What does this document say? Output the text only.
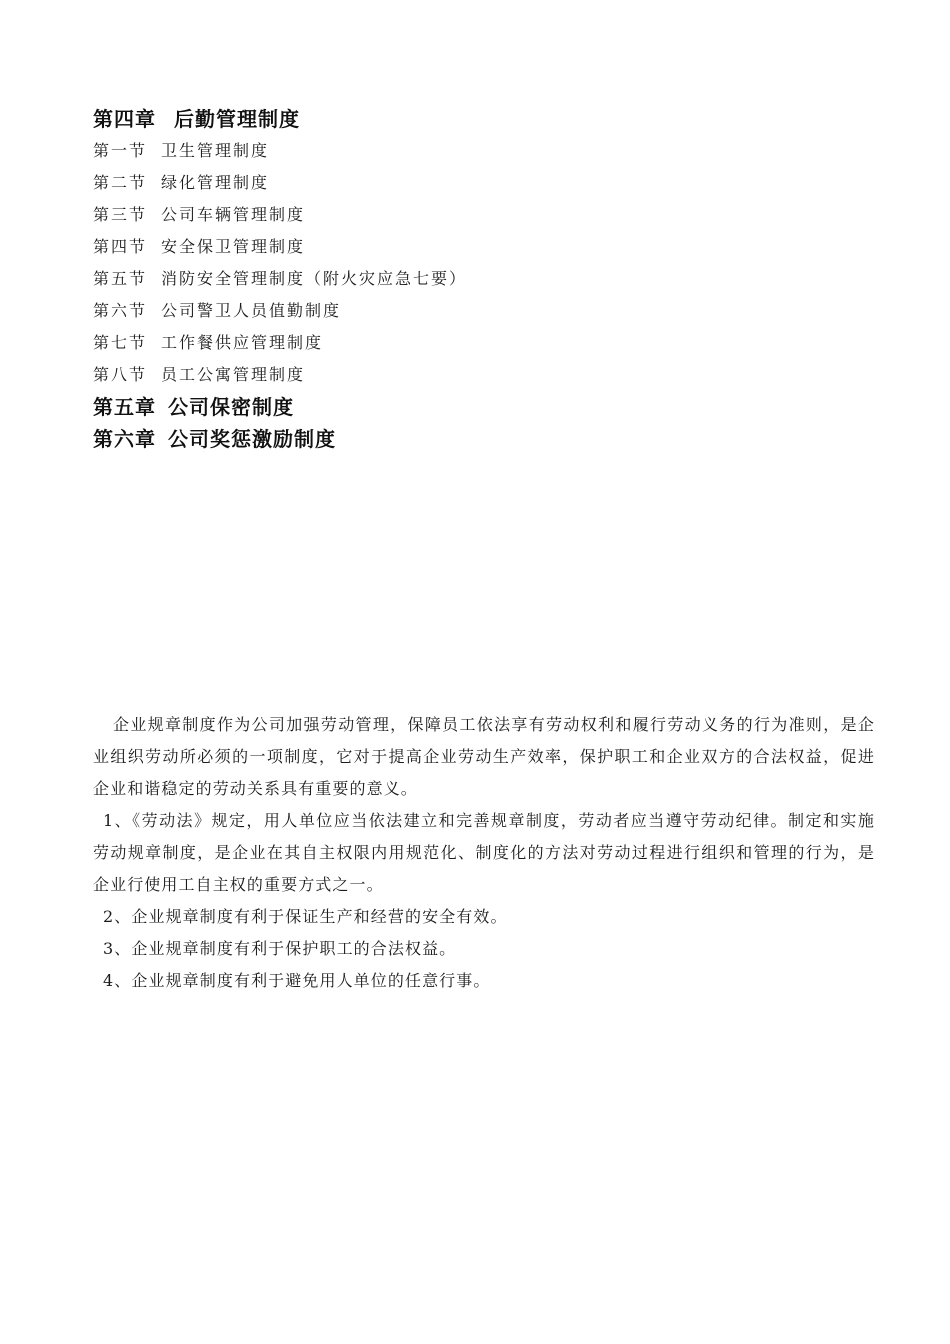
第四章 后勤管理制度
第一节 卫生管理制度
第二节 绿化管理制度
第三节 公司车辆管理制度
第四节 安全保卫管理制度
第五节 消防安全管理制度（附火灾应急七要）
第六节 公司警卫人员值勤制度
第七节 工作餐供应管理制度
第八节 员工公寓管理制度
第五章 公司保密制度
第六章 公司奖惩激励制度

企业规章制度作为公司加强劳动管理，保障员工依法享有劳动权利和履行劳动义务的行为准则，是企业组织劳动所必须的一项制度，它对于提高企业劳动生产效率，保护职工和企业双方的合法权益，促进企业和谐稳定的劳动关系具有重要的意义。

1、《劳动法》规定，用人单位应当依法建立和完善规章制度，劳动者应当遵守劳动纪律。制定和实施劳动规章制度，是企业在其自主权限内用规范化、制度化的方法对劳动过程进行组织和管理的行为，是企业行使用工自主权的重要方式之一。

2、企业规章制度有利于保证生产和经营的安全有效。

3、企业规章制度有利于保护职工的合法权益。

4、企业规章制度有利于避免用人单位的任意行事。
